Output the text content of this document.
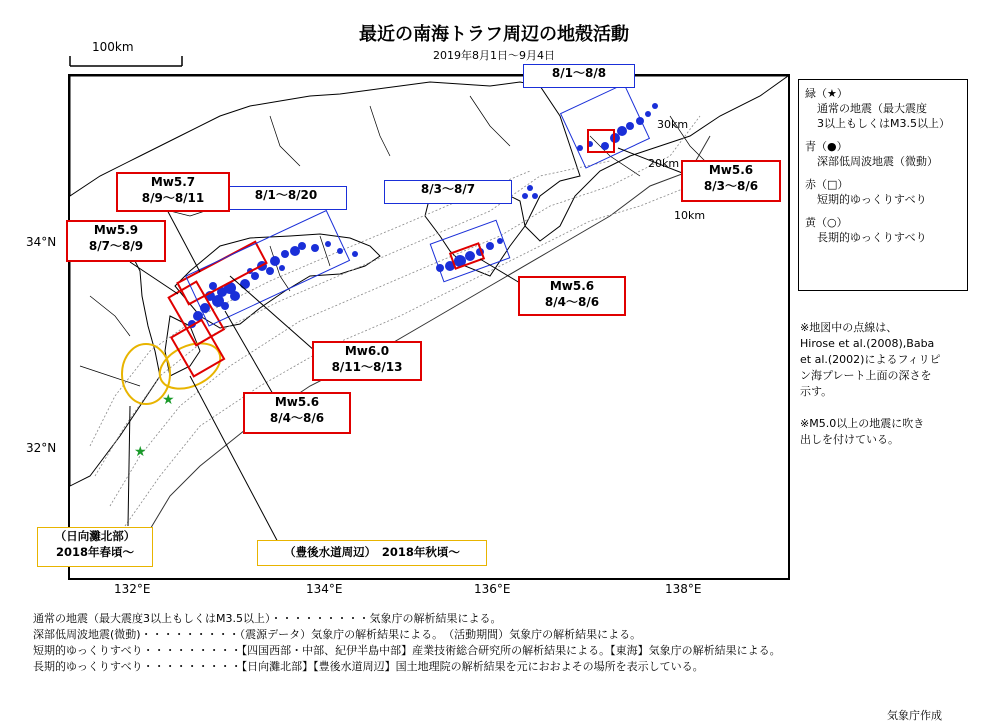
最近の南海トラフ周辺の地殻活動
2019年8月1日～9月4日
100km
★
★
132°E	134°E	136°E	138°E
34°N
32°N
30km
20km
10km
8/1～8/8
8/1～8/20	8/3～8/7
Mw5.7
8/9～8/11
Mw5.9
8/7～8/9
Mw5.6
8/3～8/6
Mw5.6
8/4～8/6
Mw6.0
8/11～8/13
Mw5.6
8/4～8/6
（日向灘北部）
2018年春頃～	（豊後水道周辺）　2018年秋頃～
緑（★）
通常の地震（最大震度
3以上もしくはM3.5以上）
青（●）
深部低周波地震（微動）
赤（□）
短期的ゆっくりすべり
黄（○）
長期的ゆっくりすべり
※地図中の点線は、
Hirose et al.(2008),Baba
et al.(2002)によるフィリピ
ン海プレート上面の深さを
示す。
※M5.0以上の地震に吹き
出しを付けている。
通常の地震（最大震度3以上もしくはM3.5以上）・・・・・・・・・気象庁の解析結果による。
深部低周波地震(微動)・・・・・・・・・（震源データ）気象庁の解析結果による。　（活動期間）気象庁の解析結果による。
短期的ゆっくりすべり・・・・・・・・・【四国西部・中部、紀伊半島中部】産業技術総合研究所の解析結果による。【東海】気象庁の解析結果による。
長期的ゆっくりすべり・・・・・・・・・【日向灘北部】【豊後水道周辺】国土地理院の解析結果を元におおよその場所を表示している。
気象庁作成
